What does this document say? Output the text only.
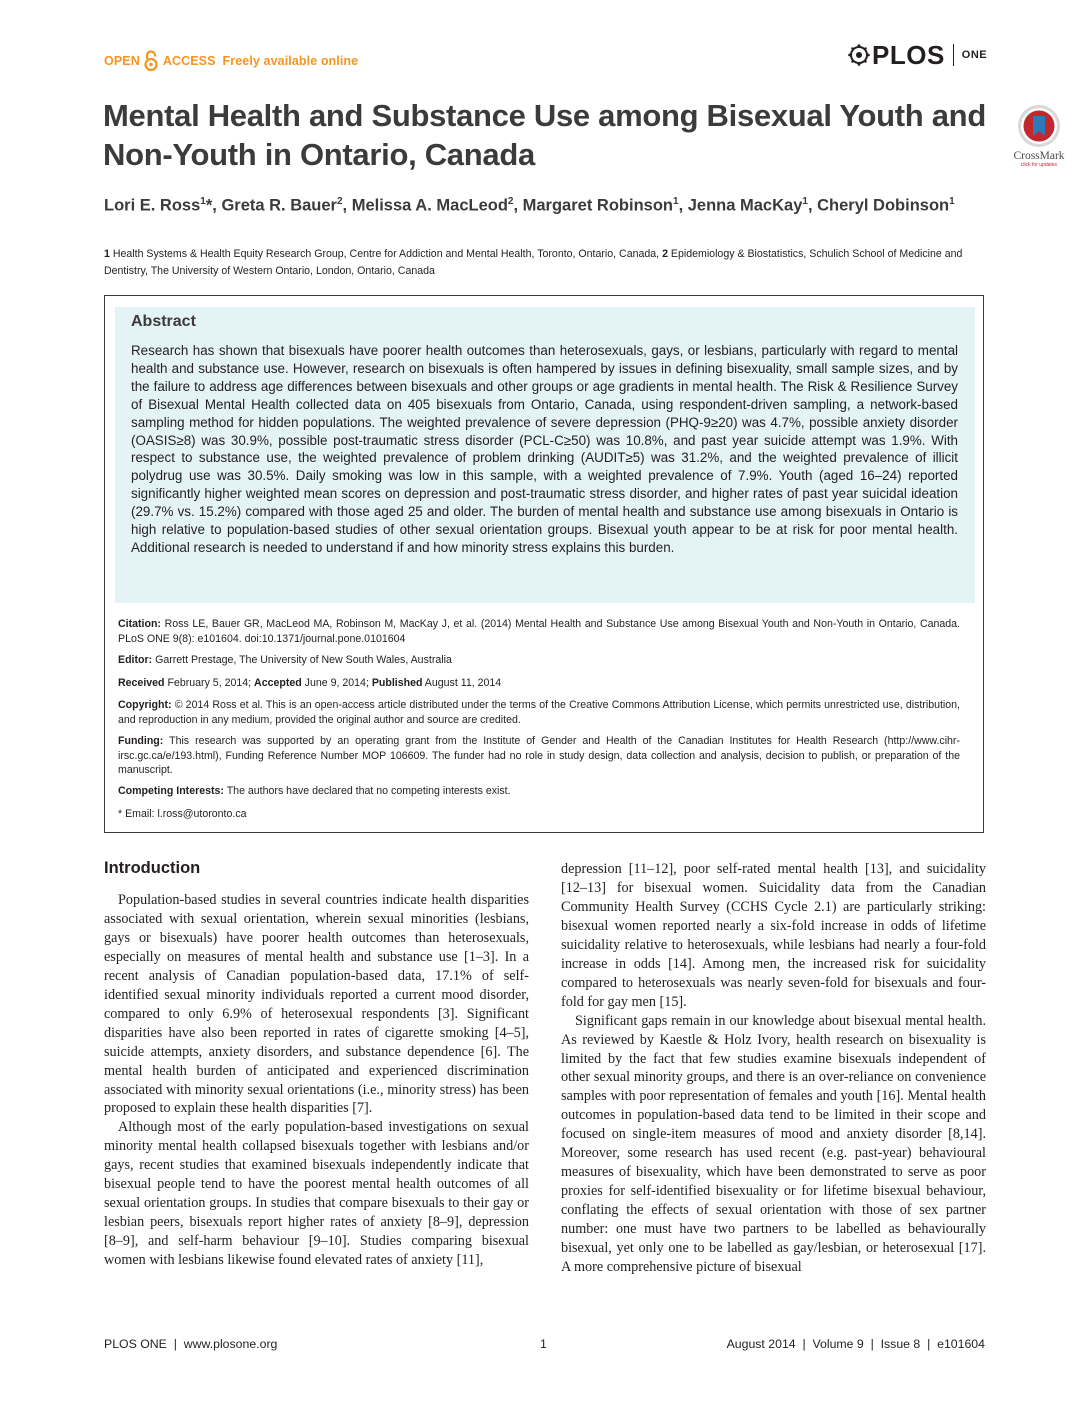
OPEN ACCESS Freely available online	PLOS ONE
Mental Health and Substance Use among Bisexual Youth and Non-Youth in Ontario, Canada	CrossMark
click for updates

Lori E. Ross$^1$*, Greta R. Bauer$^2$, Melissa A. MacLeod$^2$, Margaret Robinson$^1$, Jenna MacKay$^1$, Cheryl Dobinson$^1$

1 Health Systems & Health Equity Research Group, Centre for Addiction and Mental Health, Toronto, Ontario, Canada, 2 Epidemiology & Biostatistics, Schulich School of Medicine and Dentistry, The University of Western Ontario, London, Ontario, Canada

Abstract

Research has shown that bisexuals have poorer health outcomes than heterosexuals, gays, or lesbians, particularly with regard to mental health and substance use. However, research on bisexuals is often hampered by issues in defining bisexuality, small sample sizes, and by the failure to address age differences between bisexuals and other groups or age gradients in mental health. The Risk & Resilience Survey of Bisexual Mental Health collected data on 405 bisexuals from Ontario, Canada, using respondent-driven sampling, a network-based sampling method for hidden populations. The weighted prevalence of severe depression (PHQ-9≥20) was 4.7%, possible anxiety disorder (OASIS≥8) was 30.9%, possible post-traumatic stress disorder (PCL-C≥50) was 10.8%, and past year suicide attempt was 1.9%. With respect to substance use, the weighted prevalence of problem drinking (AUDIT≥5) was 31.2%, and the weighted prevalence of illicit polydrug use was 30.5%. Daily smoking was low in this sample, with a weighted prevalence of 7.9%. Youth (aged 16–24) reported significantly higher weighted mean scores on depression and post-traumatic stress disorder, and higher rates of past year suicidal ideation (29.7% vs. 15.2%) compared with those aged 25 and older. The burden of mental health and substance use among bisexuals in Ontario is high relative to population-based studies of other sexual orientation groups. Bisexual youth appear to be at risk for poor mental health. Additional research is needed to understand if and how minority stress explains this burden.

Citation: Ross LE, Bauer GR, MacLeod MA, Robinson M, MacKay J, et al. (2014) Mental Health and Substance Use among Bisexual Youth and Non-Youth in Ontario, Canada. PLoS ONE 9(8): e101604. doi:10.1371/journal.pone.0101604

Editor: Garrett Prestage, The University of New South Wales, Australia

Received February 5, 2014; Accepted June 9, 2014; Published August 11, 2014

Copyright: © 2014 Ross et al. This is an open-access article distributed under the terms of the Creative Commons Attribution License, which permits unrestricted use, distribution, and reproduction in any medium, provided the original author and source are credited.

Funding: This research was supported by an operating grant from the Institute of Gender and Health of the Canadian Institutes for Health Research (http://www.cihr-irsc.gc.ca/e/193.html), Funding Reference Number MOP 106609. The funder had no role in study design, data collection and analysis, decision to publish, or preparation of the manuscript.

Competing Interests: The authors have declared that no competing interests exist.

* Email: l.ross@utoronto.ca

Introduction

Population-based studies in several countries indicate health disparities associated with sexual orientation, wherein sexual minorities (lesbians, gays or bisexuals) have poorer health outcomes than heterosexuals, especially on measures of mental health and substance use [1–3]. In a recent analysis of Canadian population-based data, 17.1% of self-identified sexual minority individuals reported a current mood disorder, compared to only 6.9% of heterosexual respondents [3]. Significant disparities have also been reported in rates of cigarette smoking [4–5], suicide attempts, anxiety disorders, and substance dependence [6]. The mental health burden of anticipated and experienced discrimination associated with minority sexual orientations (i.e., minority stress) has been proposed to explain these health disparities [7].

Although most of the early population-based investigations on sexual minority mental health collapsed bisexuals together with lesbians and/or gays, recent studies that examined bisexuals independently indicate that bisexual people tend to have the poorest mental health outcomes of all sexual orientation groups. In studies that compare bisexuals to their gay or lesbian peers, bisexuals report higher rates of anxiety [8–9], depression [8–9], and self-harm behaviour [9–10]. Studies comparing bisexual women with lesbians likewise found elevated rates of anxiety [11],

depression [11–12], poor self-rated mental health [13], and suicidality [12–13] for bisexual women. Suicidality data from the Canadian Community Health Survey (CCHS Cycle 2.1) are particularly striking: bisexual women reported nearly a six-fold increase in odds of lifetime suicidality relative to heterosexuals, while lesbians had nearly a four-fold increase in odds [14]. Among men, the increased risk for suicidality compared to heterosexuals was nearly seven-fold for bisexuals and four-fold for gay men [15].

Significant gaps remain in our knowledge about bisexual mental health. As reviewed by Kaestle & Holz Ivory, health research on bisexuality is limited by the fact that few studies examine bisexuals independent of other sexual minority groups, and there is an over-reliance on convenience samples with poor representation of females and youth [16]. Mental health outcomes in population-based data tend to be limited in their scope and focused on single-item measures of mood and anxiety disorder [8,14]. Moreover, some research has used recent (e.g. past-year) behavioural measures of bisexuality, which have been demonstrated to serve as poor proxies for self-identified bisexuality or for lifetime bisexual behaviour, conflating the effects of sexual orientation with those of sex partner number: one must have two partners to be labelled as behaviourally bisexual, yet only one to be labelled as gay/lesbian, or heterosexual [17]. A more comprehensive picture of bisexual

PLOS ONE  |  www.plosone.org	1	August 2014  |  Volume 9  |  Issue 8  |  e101604
